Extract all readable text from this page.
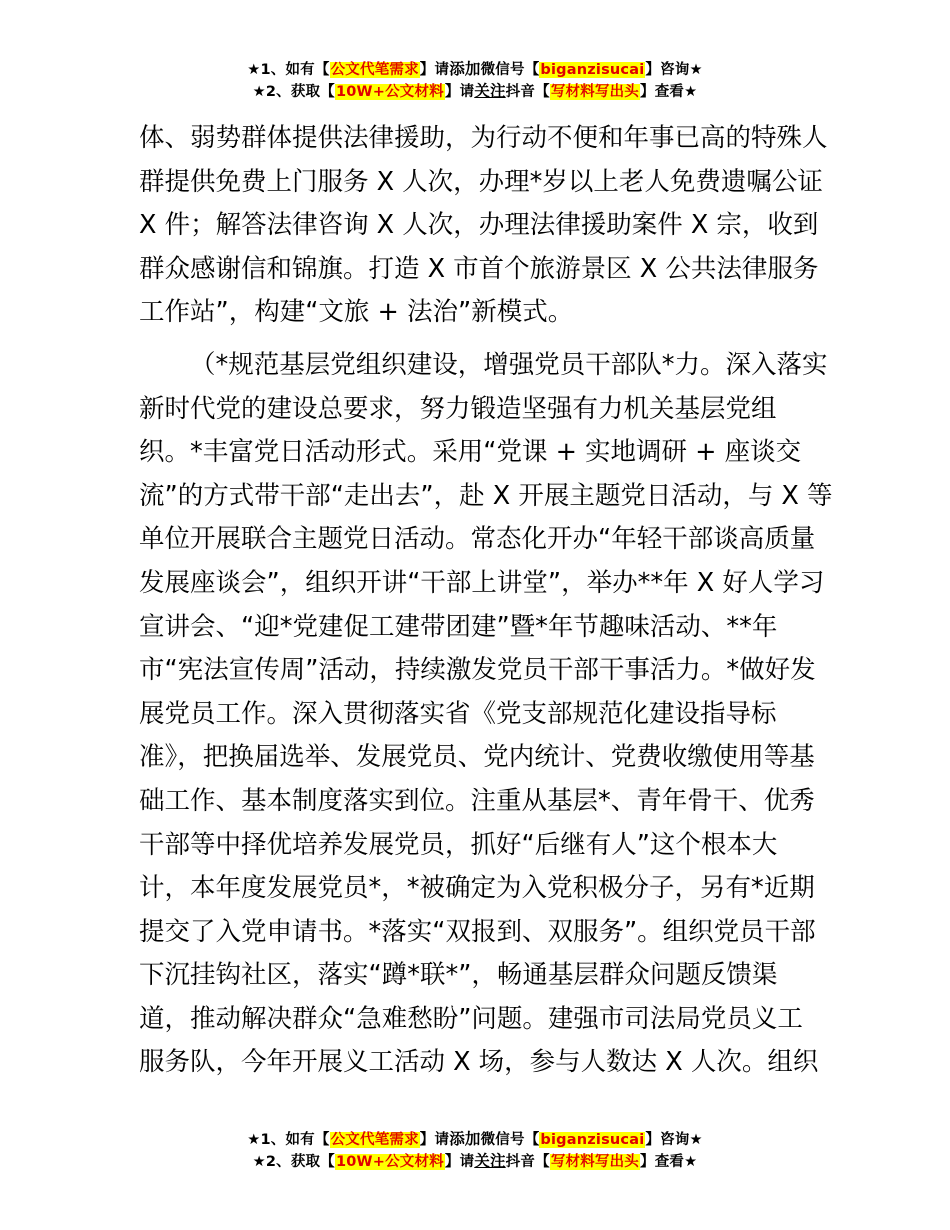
★1、如有【公文代笔需求】请添加微信号【biganzisucai】咨询★
★2、获取【10W+公文材料】请关注抖音【写材料写出头】查看★
体、弱势群体提供法律援助，为行动不便和年事已高的特殊人
群提供免费上门服务 X 人次，办理*岁以上老人免费遗嘱公证
X 件；解答法律咨询 X 人次，办理法律援助案件 X 宗，收到
群众感谢信和锦旗。打造 X 市首个旅游景区 X 公共法律服务
工作站”，构建“文旅 + 法治”新模式。
（*规范基层党组织建设，增强党员干部队*力。深入落实
新时代党的建设总要求，努力锻造坚强有力机关基层党组
织。*丰富党日活动形式。采用“党课 + 实地调研 + 座谈交
流”的方式带干部“走出去”，赴 X 开展主题党日活动，与 X 等
单位开展联合主题党日活动。常态化开办“年轻干部谈高质量
发展座谈会”，组织开讲“干部上讲堂”，举办**年 X 好人学习
宣讲会、“迎*党建促工建带团建”暨*年节趣味活动、**年
市“宪法宣传周”活动，持续激发党员干部干事活力。*做好发
展党员工作。深入贯彻落实省《党支部规范化建设指导标
准》，把换届选举、发展党员、党内统计、党费收缴使用等基
础工作、基本制度落实到位。注重从基层*、青年骨干、优秀
干部等中择优培养发展党员，抓好“后继有人”这个根本大
计，本年度发展党员*，*被确定为入党积极分子，另有*近期
提交了入党申请书。*落实“双报到、双服务”。组织党员干部
下沉挂钩社区，落实“蹲*联*”，畅通基层群众问题反馈渠
道，推动解决群众“急难愁盼”问题。建强市司法局党员义工
服务队，今年开展义工活动 X 场，参与人数达 X 人次。组织
★1、如有【公文代笔需求】请添加微信号【biganzisucai】咨询★
★2、获取【10W+公文材料】请关注抖音【写材料写出头】查看★
